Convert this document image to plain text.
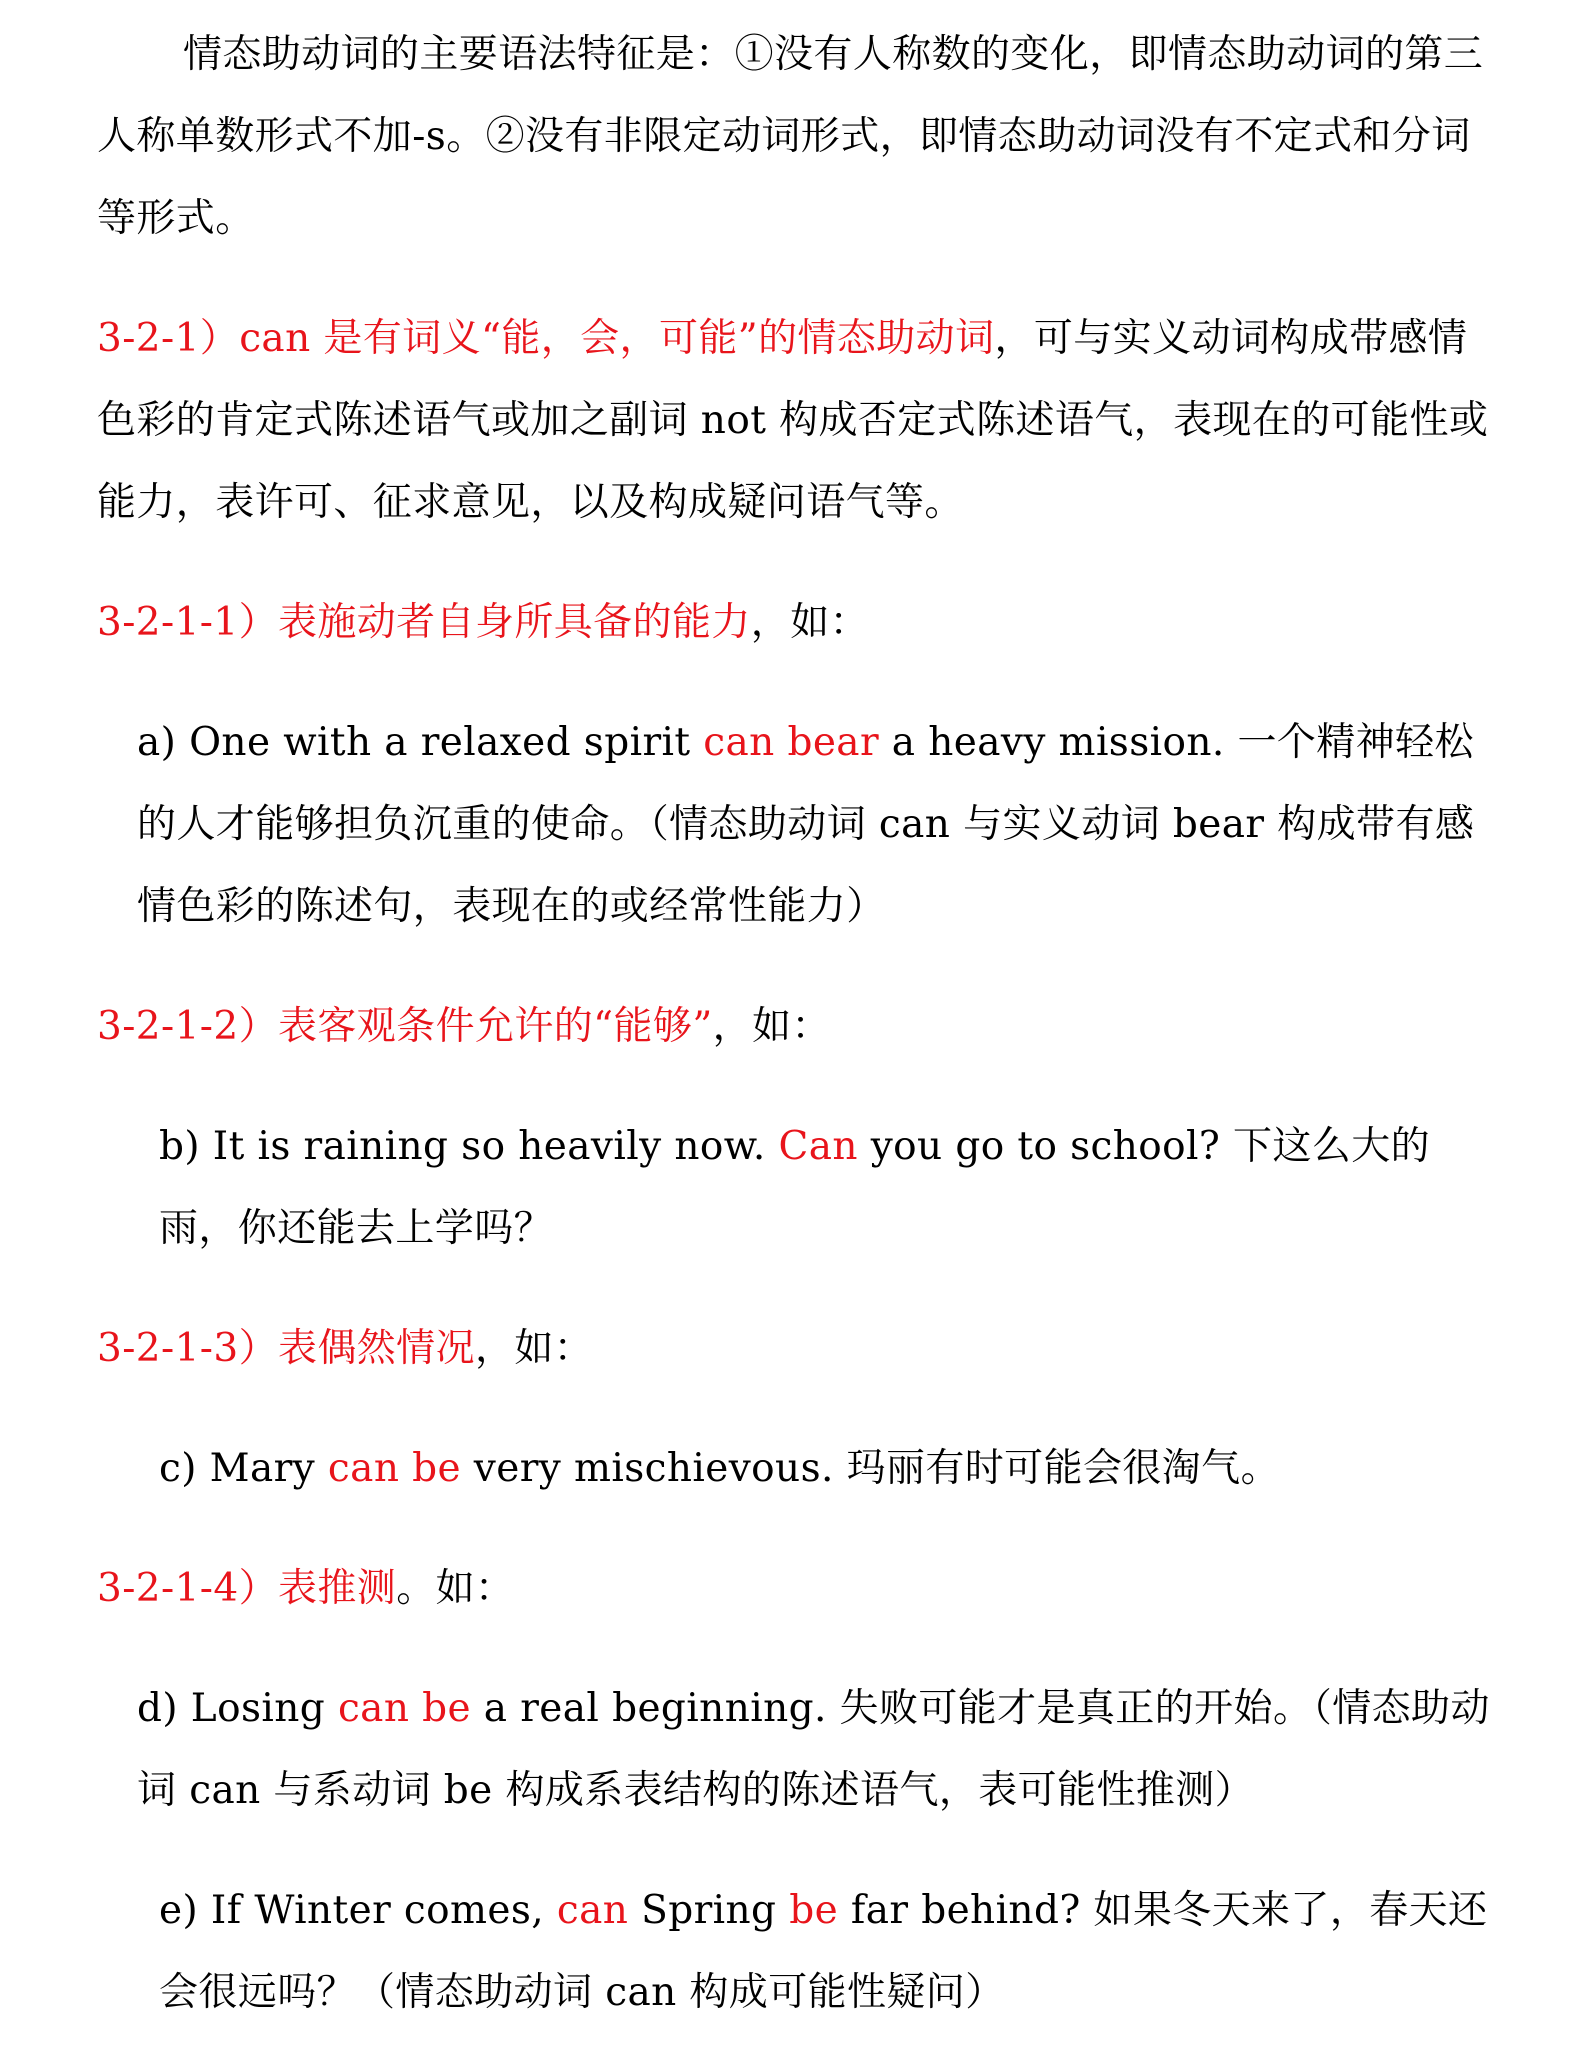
情态助动词的主要语法特征是：①没有人称数的变化，即情态助动词的第三人称单数形式不加-s。②没有非限定动词形式，即情态助动词没有不定式和分词等形式。

3-2-1）can 是有词义“能，会，可能”的情态助动词，可与实义动词构成带感情色彩的肯定式陈述语气或加之副词 not 构成否定式陈述语气，表现在的可能性或能力，表许可、征求意见，以及构成疑问语气等。

3-2-1-1）表施动者自身所具备的能力，如：

a) One with a relaxed spirit can bear a heavy mission. 一个精神轻松的人才能够担负沉重的使命。（情态助动词 can 与实义动词 bear 构成带有感情色彩的陈述句，表现在的或经常性能力）

3-2-1-2）表客观条件允许的“能够”，如：

b) It is raining so heavily now. Can you go to school? 下这么大的雨，你还能去上学吗？

3-2-1-3）表偶然情况，如：

c) Mary can be very mischievous. 玛丽有时可能会很淘气。

3-2-1-4）表推测。如：

d) Losing can be a real beginning. 失败可能才是真正的开始。（情态助动词 can 与系动词 be 构成系表结构的陈述语气，表可能性推测）

e) If Winter comes, can Spring be far behind? 如果冬天来了，春天还会很远吗？（情态助动词 can 构成可能性疑问）
